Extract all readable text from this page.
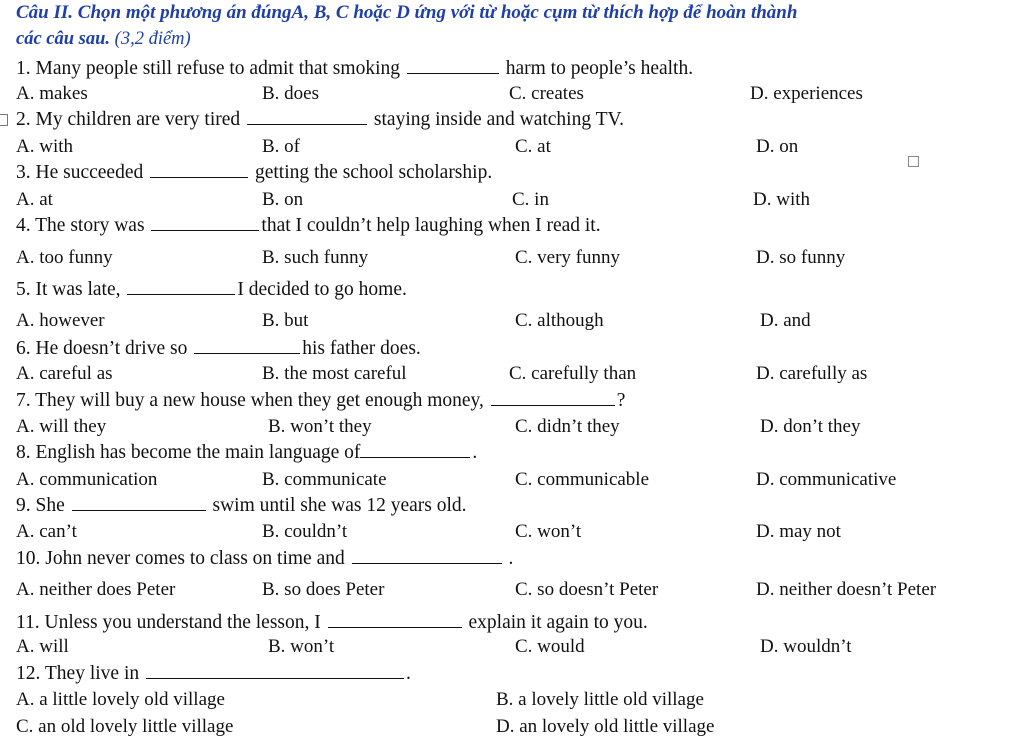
Câu II. Chọn một phương án đúngA, B, C hoặc D ứng với từ hoặc cụm từ thích hợp để hoàn thành
các câu sau. (3,2 điểm)
1. Many people still refuse to admit that smoking	harm to people’s health.
A. makes	B. does	C. creates	D. experiences
2. My children are very tired	staying inside and watching TV.
A. with	B. of	C. at	D. on
3. He succeeded	getting the school scholarship.
A. at	B. on	C. in	D. with
4. The story was	that I couldn’t help laughing when I read it.
A. too funny	B. such funny	C. very funny	D. so funny
5. It was late,	I decided to go home.
A. however	B. but	C. although	D. and
6. He doesn’t drive so	his father does.
A. careful as	B. the most careful	C. carefully than	D. carefully as
7. They will buy a new house when they get enough money,	?
A. will they	B. won’t they	C. didn’t they	D. don’t they
8. English has become the main language of	.
A. communication	B. communicate	C. communicable	D. communicative
9. She	swim until she was 12 years old.
A. can’t	B. couldn’t	C. won’t	D. may not
10. John never comes to class on time and	.
A. neither does Peter	B. so does Peter	C. so doesn’t Peter	D. neither doesn’t Peter
11. Unless you understand the lesson, I	explain it again to you.
A. will	B. won’t	C. would	D. wouldn’t
12. They live in	.
A. a little lovely old village	B. a lovely little old village
C. an old lovely little village	D. an lovely old little village
